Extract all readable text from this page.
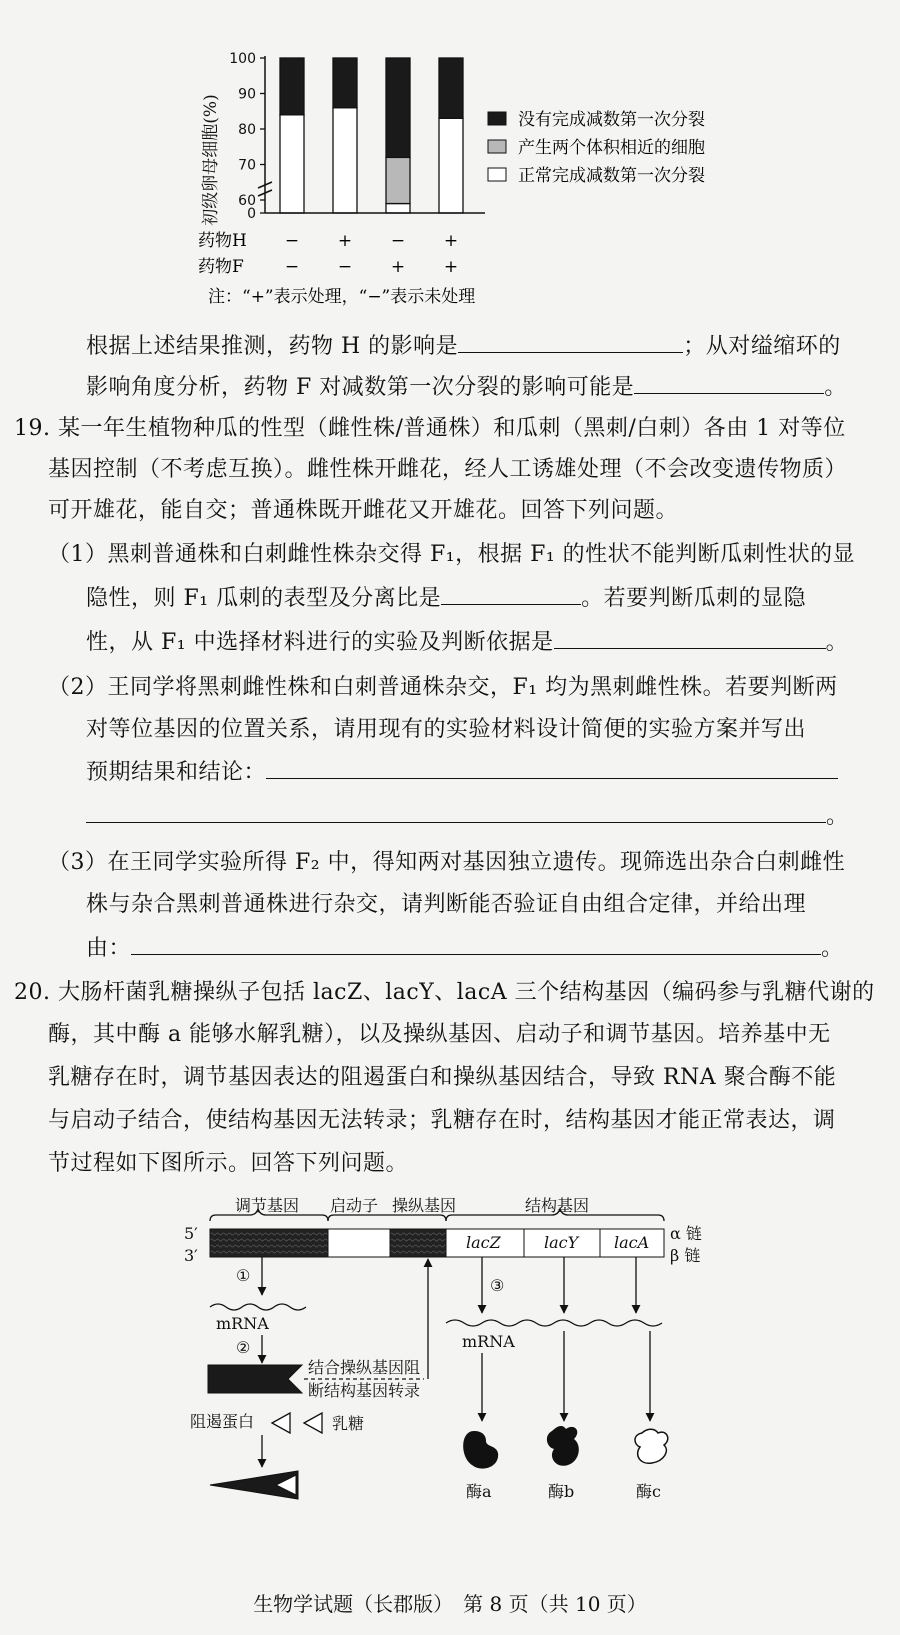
初级卵母细胞(%) 0
60
70
80
90
100
没有完成减数第一次分裂
产生两个体积相近的细胞
正常完成减数第一次分裂
药物H
药物F
−
−
+
−
−
+
+
+
注：“+”表示处理，“−”表示未处理
根据上述结果推测，药物 H 的影响是	；从对缢缩环的
影响角度分析，药物 F 对减数第一次分裂的影响可能是	。
19. 某一年生植物种瓜的性型（雌性株/普通株）和瓜刺（黑刺/白刺）各由 1 对等位
基因控制（不考虑互换）。雌性株开雌花，经人工诱雄处理（不会改变遗传物质）
可开雄花，能自交；普通株既开雌花又开雄花。回答下列问题。
（1）黑刺普通株和白刺雌性株杂交得 F₁，根据 F₁ 的性状不能判断瓜刺性状的显
隐性，则 F₁ 瓜刺的表型及分离比是	。若要判断瓜刺的显隐
性，从 F₁ 中选择材料进行的实验及判断依据是	。
（2）王同学将黑刺雌性株和白刺普通株杂交，F₁ 均为黑刺雌性株。若要判断两
对等位基因的位置关系，请用现有的实验材料设计简便的实验方案并写出
预期结果和结论：
。
（3）在王同学实验所得 F₂ 中，得知两对基因独立遗传。现筛选出杂合白刺雌性
株与杂合黑刺普通株进行杂交，请判断能否验证自由组合定律，并给出理
由：	。
20. 大肠杆菌乳糖操纵子包括 lacZ、lacY、lacA 三个结构基因（编码参与乳糖代谢的
酶，其中酶 a 能够水解乳糖），以及操纵基因、启动子和调节基因。培养基中无
乳糖存在时，调节基因表达的阻遏蛋白和操纵基因结合，导致 RNA 聚合酶不能
与启动子结合，使结构基因无法转录；乳糖存在时，结构基因才能正常表达，调
节过程如下图所示。回答下列问题。
调节基因 启动子 操纵基因	结构基因
5′
3′
α 链
β 链
lacZ	lacY lacA
①
mRNA
②
结合操纵基因阻
断结构基因转录
阻遏蛋白	乳糖
③
mRNA
酶a	酶b	酶c
生物学试题（长郡版）　第 8 页（共 10 页）
